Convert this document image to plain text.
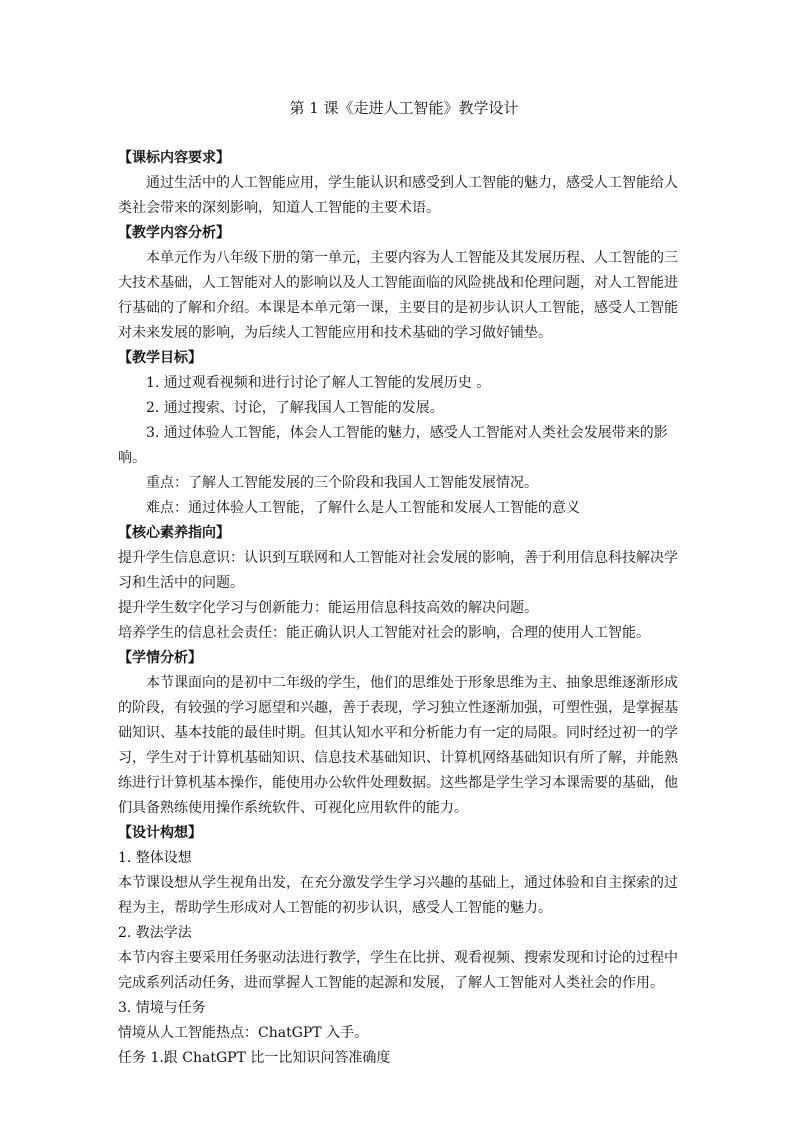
第 1 课《走进人工智能》教学设计
【课标内容要求】
通过生活中的人工智能应用，学生能认识和感受到人工智能的魅力，感受人工智能给人类社会带来的深刻影响，知道人工智能的主要术语。
【教学内容分析】
本单元作为八年级下册的第一单元，主要内容为人工智能及其发展历程、人工智能的三大技术基础，人工智能对人的影响以及人工智能面临的风险挑战和伦理问题，对人工智能进行基础的了解和介绍。本课是本单元第一课，主要目的是初步认识人工智能，感受人工智能对未来发展的影响，为后续人工智能应用和技术基础的学习做好铺垫。
【教学目标】
1. 通过观看视频和进行讨论了解人工智能的发展历史 。
2. 通过搜索、讨论，了解我国人工智能的发展。
3. 通过体验人工智能，体会人工智能的魅力，感受人工智能对人类社会发展带来的影
响。
重点：了解人工智能发展的三个阶段和我国人工智能发展情况。
难点：通过体验人工智能，了解什么是人工智能和发展人工智能的意义
【核心素养指向】
提升学生信息意识：认识到互联网和人工智能对社会发展的影响，善于利用信息科技解决学习和生活中的问题。
提升学生数字化学习与创新能力：能运用信息科技高效的解决问题。
培养学生的信息社会责任：能正确认识人工智能对社会的影响，合理的使用人工智能。
【学情分析】
本节课面向的是初中二年级的学生，他们的思维处于形象思维为主、抽象思维逐渐形成的阶段，有较强的学习愿望和兴趣，善于表现，学习独立性逐渐加强，可塑性强，是掌握基础知识、基本技能的最佳时期。但其认知水平和分析能力有一定的局限。同时经过初一的学习，学生对于计算机基础知识、信息技术基础知识、计算机网络基础知识有所了解，并能熟练进行计算机基本操作，能使用办公软件处理数据。这些都是学生学习本课需要的基础，他们具备熟练使用操作系统软件、可视化应用软件的能力。
【设计构想】
1. 整体设想
本节课设想从学生视角出发，在充分激发学生学习兴趣的基础上，通过体验和自主探索的过程为主，帮助学生形成对人工智能的初步认识，感受人工智能的魅力。
2. 教法学法
本节内容主要采用任务驱动法进行教学，学生在比拼、观看视频、搜索发现和讨论的过程中完成系列活动任务，进而掌握人工智能的起源和发展，了解人工智能对人类社会的作用。
3. 情境与任务
情境从人工智能热点：ChatGPT 入手。
任务 1.跟 ChatGPT 比一比知识问答准确度
